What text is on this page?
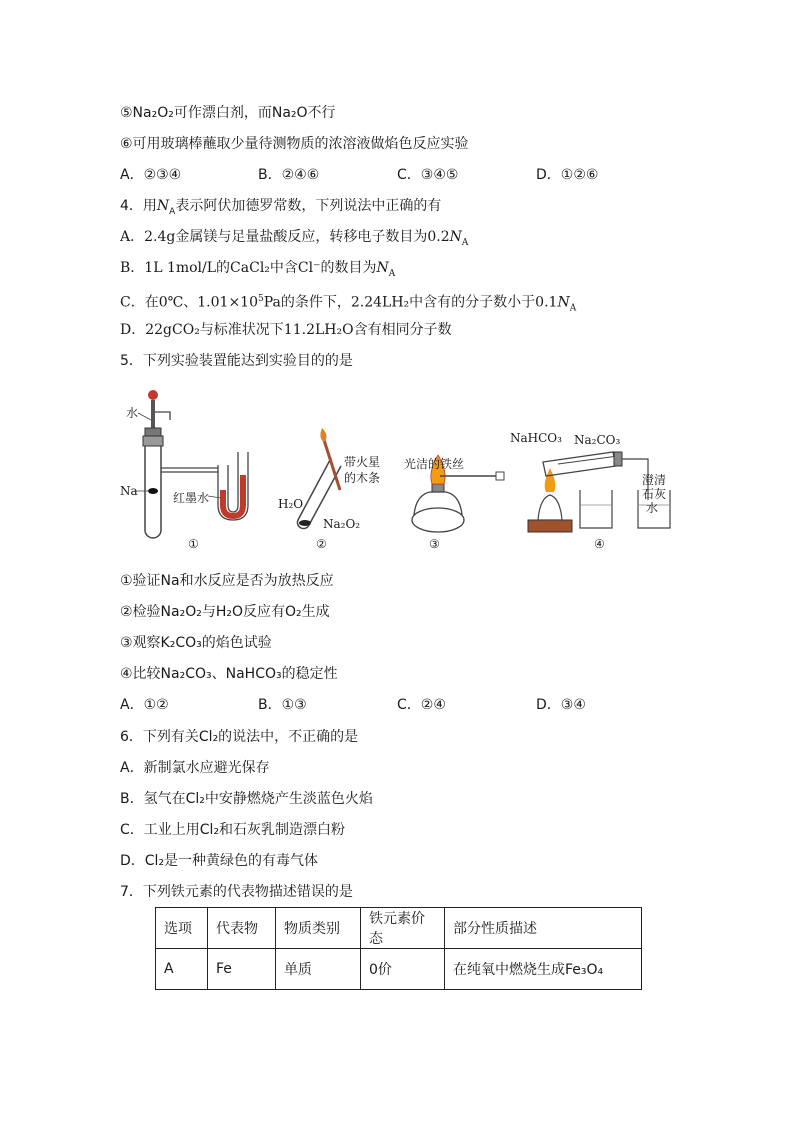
⑤Na₂O₂可作漂白剂，而Na₂O不行
⑥可用玻璃棒蘸取少量待测物质的浓溶液做焰色反应实验
A．②③④	B．②④⑥	C．③④⑤	D．①②⑥
4．用$N_A$表示阿伏加德罗常数，下列说法中正确的有
A．2.4g金属镁与足量盐酸反应，转移电子数目为$0.2N_A$
B．1L 1mol/L的CaCl₂中含Cl⁻的数目为$N_A$
C．在0℃、$1.01\times 10^5Pa$的条件下，2.24LH₂中含有的分子数小于$0.1N_A$
D．22gCO₂与标准状况下11.2LH₂O含有相同分子数
5．下列实验装置能达到实验目的的是
水
Na	红墨水
①
带火星
的木条
H₂O
Na₂O₂
②
光洁的铁丝
③
NaHCO₃ Na₂CO₃
澄清
石灰
水
④
①验证Na和水反应是否为放热反应
②检验Na₂O₂与H₂O反应有O₂生成
③观察K₂CO₃的焰色试验
④比较Na₂CO₃、NaHCO₃的稳定性
A．①②	B．①③	C．②④	D．③④
6．下列有关Cl₂的说法中，不正确的是
A．新制氯水应避光保存
B．氢气在Cl₂中安静燃烧产生淡蓝色火焰
C．工业上用Cl₂和石灰乳制造漂白粉
D．Cl₂是一种黄绿色的有毒气体
7．下列铁元素的代表物描述错误的是
选项	代表物	物质类别	铁元素价态	部分性质描述
A	Fe	单质	0价	在纯氧中燃烧生成Fe₃O₄
